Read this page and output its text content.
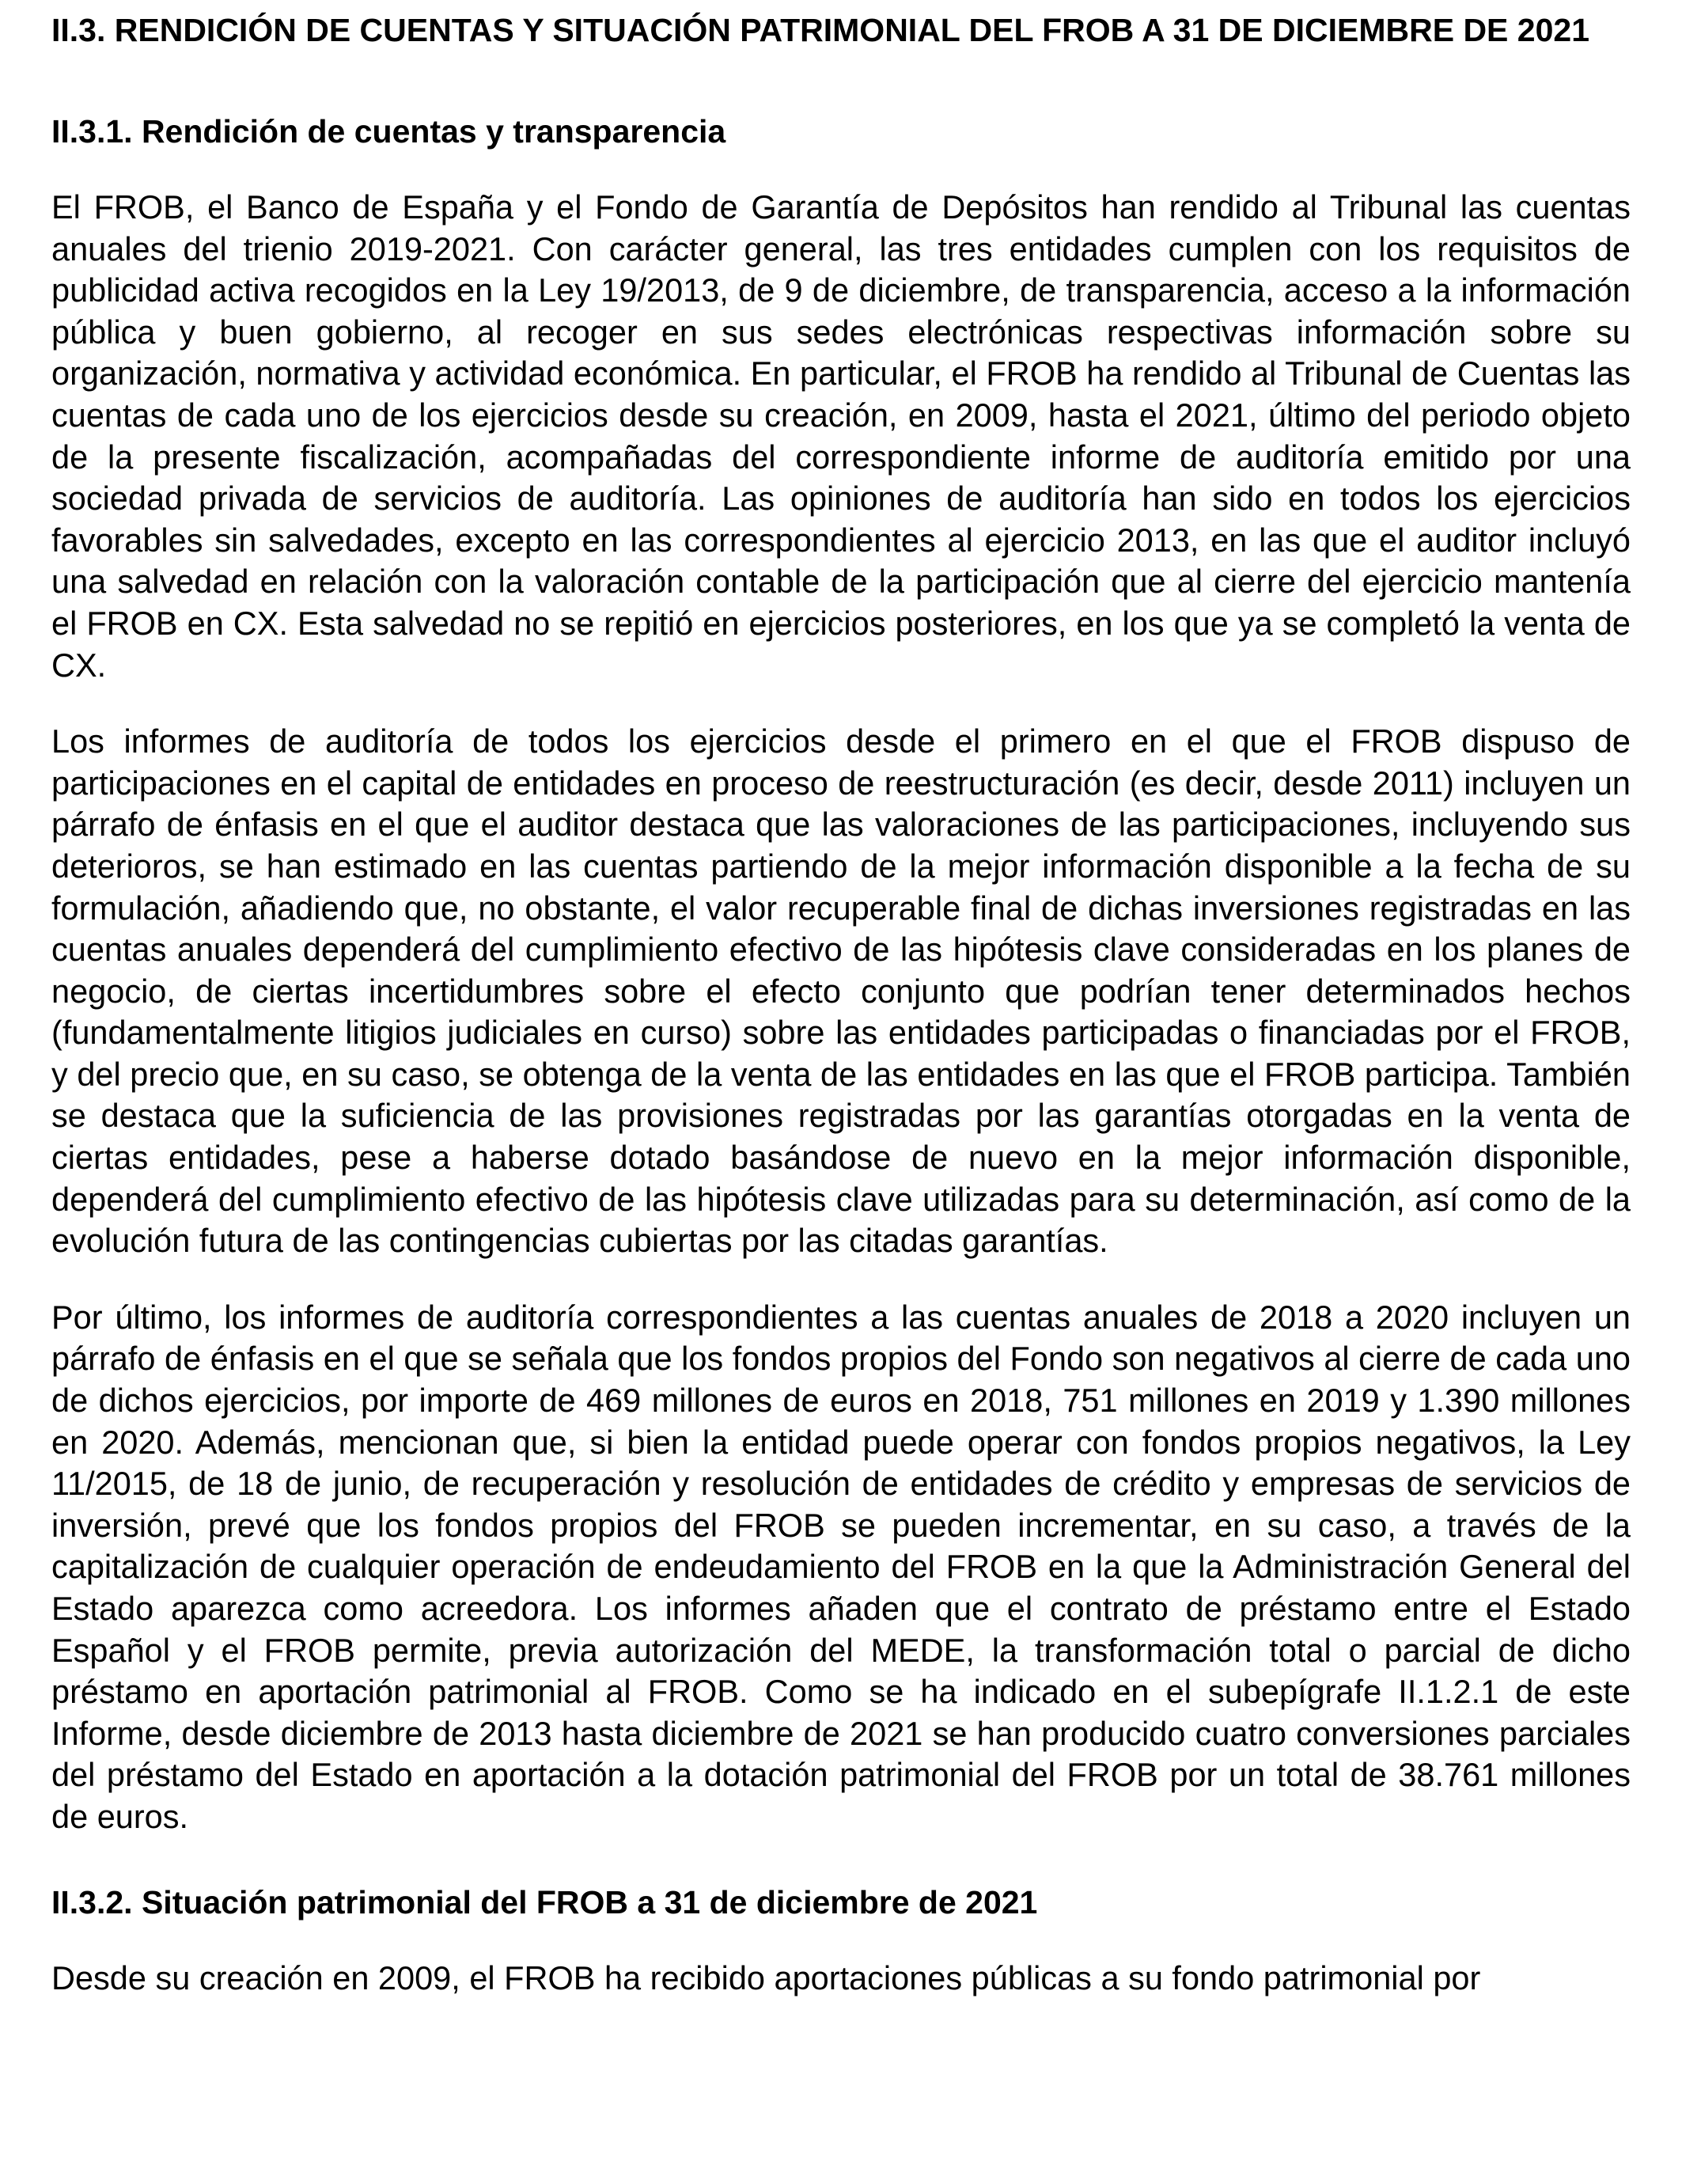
II.3. RENDICIÓN DE CUENTAS Y SITUACIÓN PATRIMONIAL DEL FROB A 31 DE DICIEMBRE DE 2021
II.3.1. Rendición de cuentas y transparencia

El FROB, el Banco de España y el Fondo de Garantía de Depósitos han rendido al Tribunal las cuentas anuales del trienio 2019-2021. Con carácter general, las tres entidades cumplen con los requisitos de publicidad activa recogidos en la Ley 19/2013, de 9 de diciembre, de transparencia, acceso a la información pública y buen gobierno, al recoger en sus sedes electrónicas respectivas información sobre su organización, normativa y actividad económica. En particular, el FROB ha rendido al Tribunal de Cuentas las cuentas de cada uno de los ejercicios desde su creación, en 2009, hasta el 2021, último del periodo objeto de la presente fiscalización, acompañadas del correspondiente informe de auditoría emitido por una sociedad privada de servicios de auditoría. Las opiniones de auditoría han sido en todos los ejercicios favorables sin salvedades, excepto en las correspondientes al ejercicio 2013, en las que el auditor incluyó una salvedad en relación con la valoración contable de la participación que al cierre del ejercicio mantenía el FROB en CX. Esta salvedad no se repitió en ejercicios posteriores, en los que ya se completó la venta de CX.

Los informes de auditoría de todos los ejercicios desde el primero en el que el FROB dispuso de participaciones en el capital de entidades en proceso de reestructuración (es decir, desde 2011) incluyen un párrafo de énfasis en el que el auditor destaca que las valoraciones de las participaciones, incluyendo sus deterioros, se han estimado en las cuentas partiendo de la mejor información disponible a la fecha de su formulación, añadiendo que, no obstante, el valor recuperable final de dichas inversiones registradas en las cuentas anuales dependerá del cumplimiento efectivo de las hipótesis clave consideradas en los planes de negocio, de ciertas incertidumbres sobre el efecto conjunto que podrían tener determinados hechos (fundamentalmente litigios judiciales en curso) sobre las entidades participadas o financiadas por el FROB, y del precio que, en su caso, se obtenga de la venta de las entidades en las que el FROB participa. También se destaca que la suficiencia de las provisiones registradas por las garantías otorgadas en la venta de ciertas entidades, pese a haberse dotado basándose de nuevo en la mejor información disponible, dependerá del cumplimiento efectivo de las hipótesis clave utilizadas para su determinación, así como de la evolución futura de las contingencias cubiertas por las citadas garantías.

Por último, los informes de auditoría correspondientes a las cuentas anuales de 2018 a 2020 incluyen un párrafo de énfasis en el que se señala que los fondos propios del Fondo son negativos al cierre de cada uno de dichos ejercicios, por importe de 469 millones de euros en 2018, 751 millones en 2019 y 1.390 millones en 2020. Además, mencionan que, si bien la entidad puede operar con fondos propios negativos, la Ley 11/2015, de 18 de junio, de recuperación y resolución de entidades de crédito y empresas de servicios de inversión, prevé que los fondos propios del FROB se pueden incrementar, en su caso, a través de la capitalización de cualquier operación de endeudamiento del FROB en la que la Administración General del Estado aparezca como acreedora. Los informes añaden que el contrato de préstamo entre el Estado Español y el FROB permite, previa autorización del MEDE, la transformación total o parcial de dicho préstamo en aportación patrimonial al FROB. Como se ha indicado en el subepígrafe II.1.2.1 de este Informe, desde diciembre de 2013 hasta diciembre de 2021 se han producido cuatro conversiones parciales del préstamo del Estado en aportación a la dotación patrimonial del FROB por un total de 38.761 millones de euros.

II.3.2. Situación patrimonial del FROB a 31 de diciembre de 2021

Desde su creación en 2009, el FROB ha recibido aportaciones públicas a su fondo patrimonial por
